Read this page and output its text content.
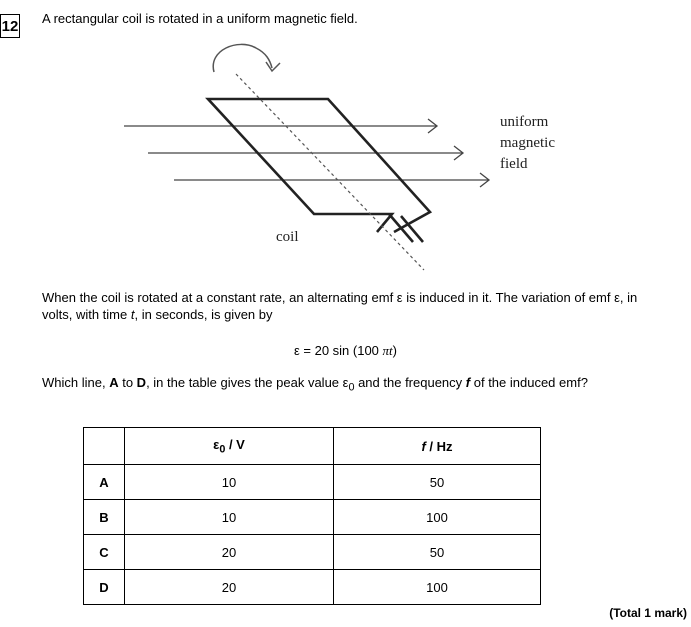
12 A rectangular coil is rotated in a uniform magnetic field.
coil
uniform
magnetic
field
When the coil is rotated at a constant rate, an alternating emf ε is induced in it. The variation of emf ε, in volts, with time t, in seconds, is given by
ε = 20 sin (100 πt)
Which line, A to D, in the table gives the peak value $\varepsilon_0$ and the frequency f of the induced emf?
	$\varepsilon_0$ / V	f / Hz
A	10	50
B	10	100
C	20	50
D	20	100
(Total 1 mark)
